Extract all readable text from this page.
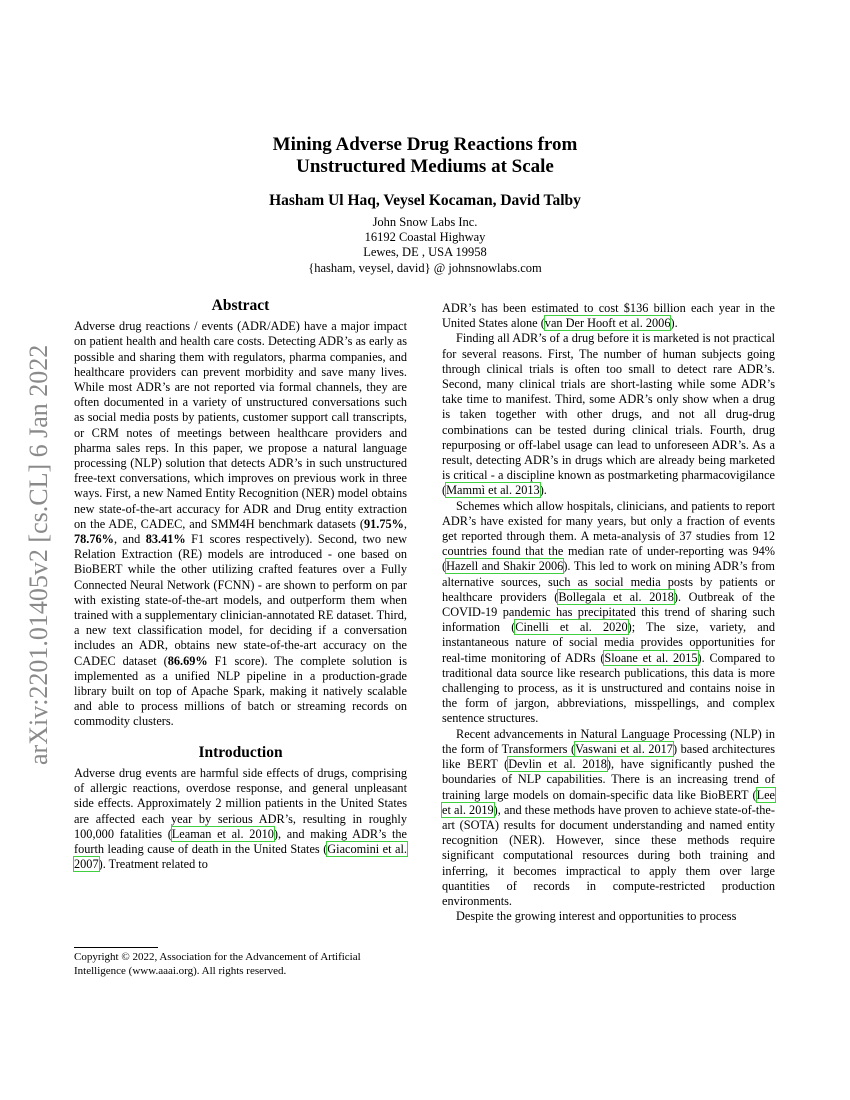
arXiv:2201.01405v2 [cs.CL] 6 Jan 2022
Mining Adverse Drug Reactions from
Unstructured Mediums at Scale
Hasham Ul Haq, Veysel Kocaman, David Talby
John Snow Labs Inc.
16192 Coastal Highway
Lewes, DE , USA 19958
{hasham, veysel, david} @ johnsnowlabs.com
Abstract

Adverse drug reactions / events (ADR/ADE) have a major impact on patient health and health care costs. Detecting ADR’s as early as possible and sharing them with regulators, pharma companies, and healthcare providers can prevent morbidity and save many lives. While most ADR’s are not reported via formal channels, they are often documented in a variety of unstructured conversations such as social media posts by patients, customer support call transcripts, or CRM notes of meetings between healthcare providers and pharma sales reps. In this paper, we propose a natural language processing (NLP) solution that detects ADR’s in such unstructured free-text conversations, which improves on previous work in three ways. First, a new Named Entity Recognition (NER) model obtains new state-of-the-art accuracy for ADR and Drug entity extraction on the ADE, CADEC, and SMM4H benchmark datasets (91.75%, 78.76%, and 83.41% F1 scores respectively). Second, two new Relation Extraction (RE) models are introduced - one based on BioBERT while the other utilizing crafted features over a Fully Connected Neural Network (FCNN) - are shown to perform on par with existing state-of-the-art models, and outperform them when trained with a supplementary clinician-annotated RE dataset. Third, a new text classification model, for deciding if a conversation includes an ADR, obtains new state-of-the-art accuracy on the CADEC dataset (86.69% F1 score). The complete solution is implemented as a unified NLP pipeline in a production-grade library built on top of Apache Spark, making it natively scalable and able to process millions of batch or streaming records on commodity clusters.

Introduction

Adverse drug events are harmful side effects of drugs, comprising of allergic reactions, overdose response, and general unpleasant side effects. Approximately 2 million patients in the United States are affected each year by serious ADR’s, resulting in roughly 100,000 fatalities (Leaman et al. 2010), and making ADR’s the fourth leading cause of death in the United States (Giacomini et al. 2007). Treatment related to

Copyright © 2022, Association for the Advancement of Artificial Intelligence (www.aaai.org). All rights reserved.

ADR’s has been estimated to cost $136 billion each year in the United States alone (van Der Hooft et al. 2006).

Finding all ADR’s of a drug before it is marketed is not practical for several reasons. First, The number of human subjects going through clinical trials is often too small to detect rare ADR’s. Second, many clinical trials are short-lasting while some ADR’s take time to manifest. Third, some ADR’s only show when a drug is taken together with other drugs, and not all drug-drug combinations can be tested during clinical trials. Fourth, drug repurposing or off-label usage can lead to unforeseen ADR’s. As a result, detecting ADR’s in drugs which are already being marketed is critical - a discipline known as postmarketing pharmacovigilance (Mammì et al. 2013).

Schemes which allow hospitals, clinicians, and patients to report ADR’s have existed for many years, but only a fraction of events get reported through them. A meta-analysis of 37 studies from 12 countries found that the median rate of under-reporting was 94% (Hazell and Shakir 2006). This led to work on mining ADR’s from alternative sources, such as social media posts by patients or healthcare providers (Bollegala et al. 2018). Outbreak of the COVID-19 pandemic has precipitated this trend of sharing such information (Cinelli et al. 2020); The size, variety, and instantaneous nature of social media provides opportunities for real-time monitoring of ADRs (Sloane et al. 2015). Compared to traditional data source like research publications, this data is more challenging to process, as it is unstructured and contains noise in the form of jargon, abbreviations, misspellings, and complex sentence structures.

Recent advancements in Natural Language Processing (NLP) in the form of Transformers (Vaswani et al. 2017) based architectures like BERT (Devlin et al. 2018), have significantly pushed the boundaries of NLP capabilities. There is an increasing trend of training large models on domain-specific data like BioBERT (Lee et al. 2019), and these methods have proven to achieve state-of-the-art (SOTA) results for document understanding and named entity recognition (NER). However, since these methods require significant computational resources during both training and inferring, it becomes impractical to apply them over large quantities of records in compute-restricted production environments.

Despite the growing interest and opportunities to process
